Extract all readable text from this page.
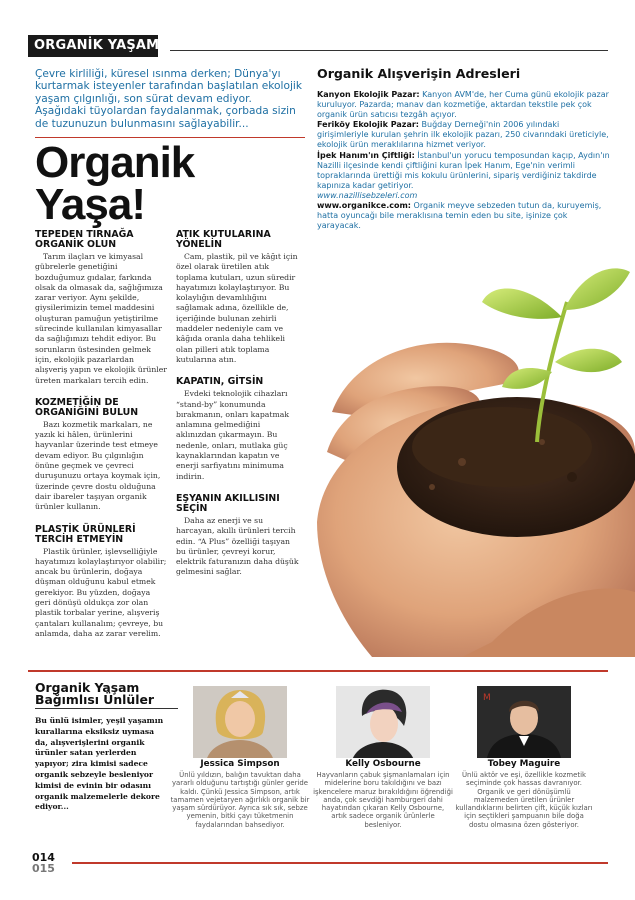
ORGANİK YAŞAM
Çevre kirliliği, küresel ısınma derken; Dünya'yı kurtarmak isteyenler tarafından başlatılan ekolojik yaşam çılgınlığı, son sürat devam ediyor. Aşağıdaki tüyolardan faydalanmak, çorbada sizin de tuzunuzun bulunmasını sağlayabilir...
Organik
Yaşa!
TEPEDEN TIRNAĞA ORGANİK OLUN

Tarım ilaçları ve kimyasal gübrelerle genetiğini bozduğumuz gıdalar, farkında olsak da olmasak da, sağlığımıza zarar veriyor. Aynı şekilde, giysilerimizin temel maddesini oluşturan pamuğun yetiştirilme sürecinde kullanılan kimyasallar da sağlığımızı tehdit ediyor. Bu sorunların üstesinden gelmek için, ekolojik pazarlardan alışveriş yapın ve ekolojik ürünler üreten markaları tercih edin.

KOZMETİĞİN DE ORGANİĞİNİ BULUN

Bazı kozmetik markaları, ne yazık ki hâlen, ürünlerini hayvanlar üzerinde test etmeye devam ediyor. Bu çılgınlığın önüne geçmek ve çevreci duruşunuzu ortaya koymak için, üzerinde çevre dostu olduğuna dair ibareler taşıyan organik ürünler kullanın.

PLASTİK ÜRÜNLERİ TERCİH ETMEYİN

Plastik ürünler, işlevselliğiyle hayatımızı kolaylaştırıyor olabilir; ancak bu ürünlerin, doğaya düşman olduğunu kabul etmek gerekiyor. Bu yüzden, doğaya geri dönüşü oldukça zor olan plastik torbalar yerine, alışveriş çantaları kullanalım; çevreye, bu anlamda, daha az zarar verelim.

ATIK KUTULARINA YÖNELİN

Cam, plastik, pil ve kâğıt için özel olarak üretilen atık toplama kutuları, uzun süredir hayatımızı kolaylaştırıyor. Bu kolaylığın devamlılığını sağlamak adına, özellikle de, içeriğinde bulunan zehirli maddeler nedeniyle cam ve kâğıda oranla daha tehlikeli olan pilleri atık toplama kutularına atın.

KAPATIN, GİTSİN

Evdeki teknolojik cihazları “stand-by” konumunda bırakmanın, onları kapatmak anlamına gelmediğini aklınızdan çıkarmayın. Bu nedenle, onları, mutlaka güç kaynaklarından kapatın ve enerji sarfiyatını minimuma indirin.

EŞYANIN AKILLISINI SEÇİN

Daha az enerji ve su harcayan, akıllı ürünleri tercih edin. “A Plus” özelliği taşıyan bu ürünler, çevreyi korur, elektrik faturanızın daha düşük gelmesini sağlar.

Organik Alışverişin Adresleri
Kanyon Ekolojik Pazar: Kanyon AVM'de, her Cuma günü ekolojik pazar kuruluyor. Pazarda; manav dan kozmetiğe, aktardan tekstile pek çok organik ürün satıcısı tezgâh açıyor.
Feriköy Ekolojik Pazar: Buğday Derneği'nin 2006 yılındaki girişimleriyle kurulan şehrin ilk ekolojik pazarı, 250 civarındaki üreticiyle, ekolojik ürün meraklılarına hizmet veriyor.
İpek Hanım'ın Çiftliği: İstanbul'un yorucu temposundan kaçıp, Aydın'ın Nazilli ilçesinde kendi çiftliğini kuran İpek Hanım, Ege'nin verimli topraklarında ürettiği mis kokulu ürünlerini, sipariş verdiğiniz takdirde kapınıza kadar getiriyor.
www.nazillisebzeleri.com
www.organikce.com: Organik meyve sebzeden tutun da, kuruyemiş, hatta oyuncağı bile meraklısına temin eden bu site, işinize çok yarayacak.
Organik Yaşam
Bağımlısı Ünlüler
Bu ünlü isimler, yeşil yaşamın kurallarına eksiksiz uymasa da, alışverişlerini organik ürünler satan yerlerden yapıyor; zira kimisi sadece organik sebzeyle besleniyor kimisi de evinin bir odasını organik malzemelerle dekore ediyor...
Jessica Simpson
Ünlü yıldızın, balığın tavuktan daha yararlı olduğunu tartıştığı günler geride kaldı. Çünkü Jessica Simpson, artık tamamen vejetaryen ağırlıklı organik bir yaşam sürdürüyor. Ayrıca sık sık, sebze yemenin, bitki çayı tüketmenin faydalarından bahsediyor.
Kelly Osbourne
Hayvanların çabuk şişmanlamaları için midelerine boru takıldığını ve bazı işkencelere maruz bırakıldığını öğrendiği anda, çok sevdiği hamburgeri dahi hayatından çıkaran Kelly Osbourne, artık sadece organik ürünlerle besleniyor.
M
Tobey Maguire
Ünlü aktör ve eşi, özellikle kozmetik seçiminde çok hassas davranıyor. Organik ve geri dönüşümlü malzemeden üretilen ürünler kullandıklarını belirten çift, küçük kızları için seçtikleri şampuanın bile doğa dostu olmasına özen gösteriyor.
014
015
